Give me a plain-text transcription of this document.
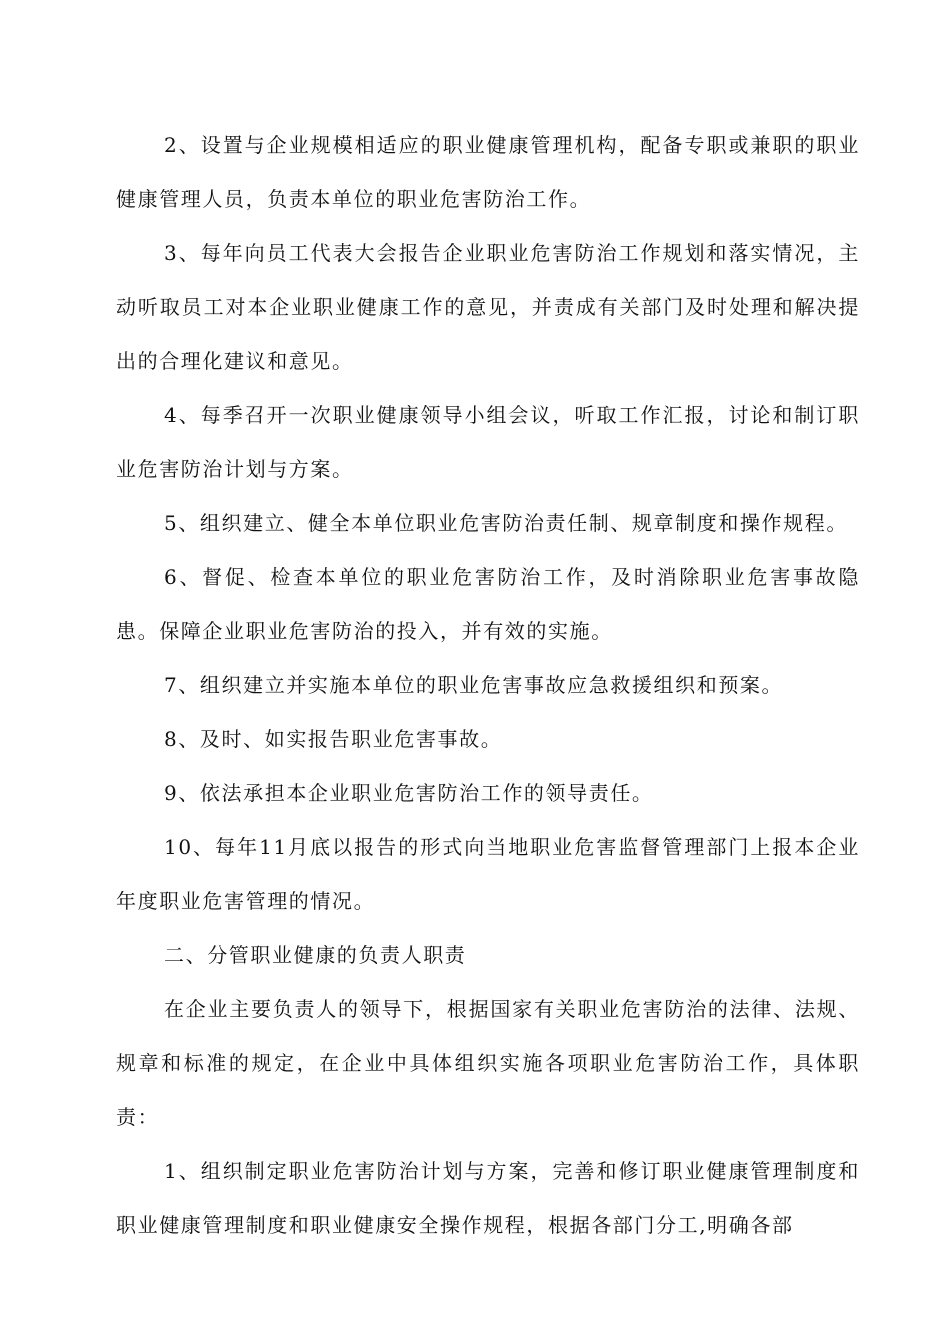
2、设置与企业规模相适应的职业健康管理机构，配备专职或兼职的职业健康管理人员，负责本单位的职业危害防治工作。

3、每年向员工代表大会报告企业职业危害防治工作规划和落实情况，主动听取员工对本企业职业健康工作的意见，并责成有关部门及时处理和解决提出的合理化建议和意见。

4、每季召开一次职业健康领导小组会议，听取工作汇报，讨论和制订职业危害防治计划与方案。

5、组织建立、健全本单位职业危害防治责任制、规章制度和操作规程。

6、督促、检查本单位的职业危害防治工作，及时消除职业危害事故隐患。保障企业职业危害防治的投入，并有效的实施。

7、组织建立并实施本单位的职业危害事故应急救援组织和预案。

8、及时、如实报告职业危害事故。

9、依法承担本企业职业危害防治工作的领导责任。

10、每年11月底以报告的形式向当地职业危害监督管理部门上报本企业年度职业危害管理的情况。

二、分管职业健康的负责人职责

在企业主要负责人的领导下，根据国家有关职业危害防治的法律、法规、规章和标准的规定，在企业中具体组织实施各项职业危害防治工作，具体职责：

1、组织制定职业危害防治计划与方案，完善和修订职业健康管理制度和职业健康管理制度和职业健康安全操作规程，根据各部门分工,明确各部
